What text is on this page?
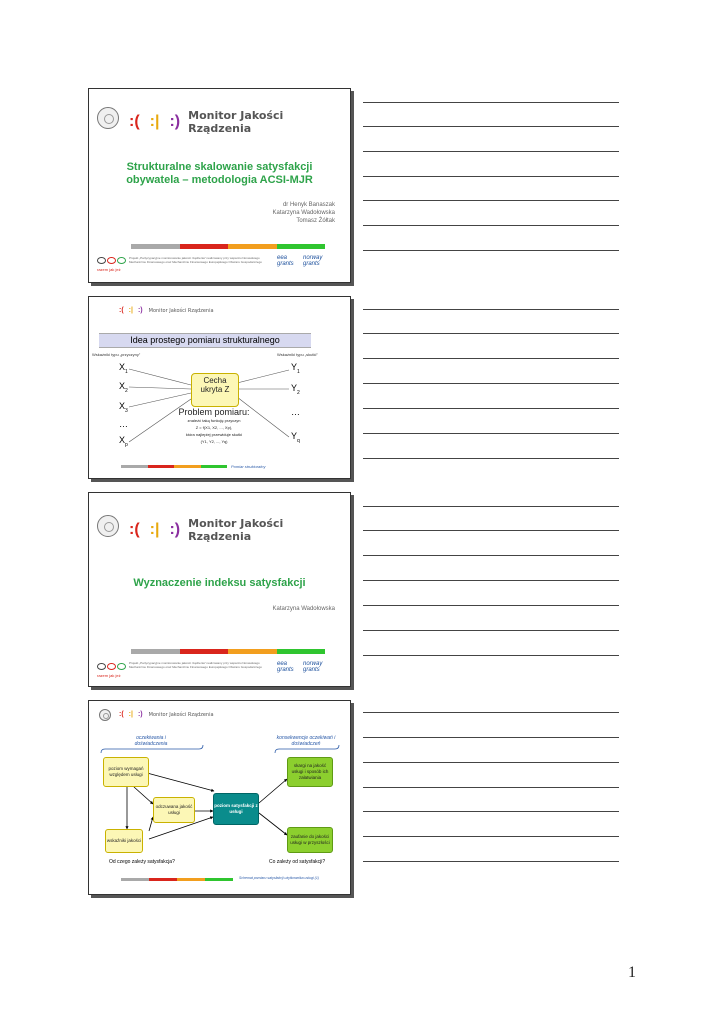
:( :| :) Monitor Jakości Rządzenia
Strukturalne skalowanie satysfakcji
obywatela – metodologia ACSI-MJR
dr Henyk Banaszak
Katarzyna Wadołowska
Tomasz Żółtak
razem jak jeż
Projekt „Partycypacyjne monitorowanie jakości rządzenia” realizowany przy wsparciu Norweskiego Mechanizmu Finansowego oraz Mechanizmu Finansowego Europejskiego Obszaru Gospodarczego
eea grants
norway grants
:( :| :) Monitor Jakości Rządzenia
Idea prostego pomiaru strukturalnego
Wskaźniki typu „przyczyny”	Wskaźniki typu „skutki”
$X_1$
$X_2$
$X_3$
…
$X_p$
$Y_1$
$Y_2$
…
$Y_q$
Cecha ukryta Z
Problem pomiaru:
znaleźć taką funkcję przyczyn
Z = f(X1, X2, ..., Xp),
która najlepiej przewiduje skutki
(Y1, Y2, ..., Yq)
Pomiar strukturalny
:( :| :) Monitor Jakości Rządzenia
Wyznaczenie indeksu satysfakcji
Katarzyna Wadołowska
razem jak jeż
Projekt „Partycypacyjne monitorowanie jakości rządzenia” realizowany przy wsparciu Norweskiego Mechanizmu Finansowego oraz Mechanizmu Finansowego Europejskiego Obszaru Gospodarczego	eea grants
norway grants
:( :| :) Monitor Jakości Rządzenia
oczekiwania i doświadczenia
konsekwencje oczekiwań i doświadczeń
poziom wymagań względem usługi
odczuwana jakość usługi
wskaźniki jakości
poziom satysfakcji z usługi
skargi na jakość usługi i sposób ich załatwiania
zaufanie do jakości usługi w przyszłości
Od czego zależy satysfakcja?	Co zależy od satysfakcji?
Schemat pomiaru satysfakcji użytkownika usługi (1)
1
